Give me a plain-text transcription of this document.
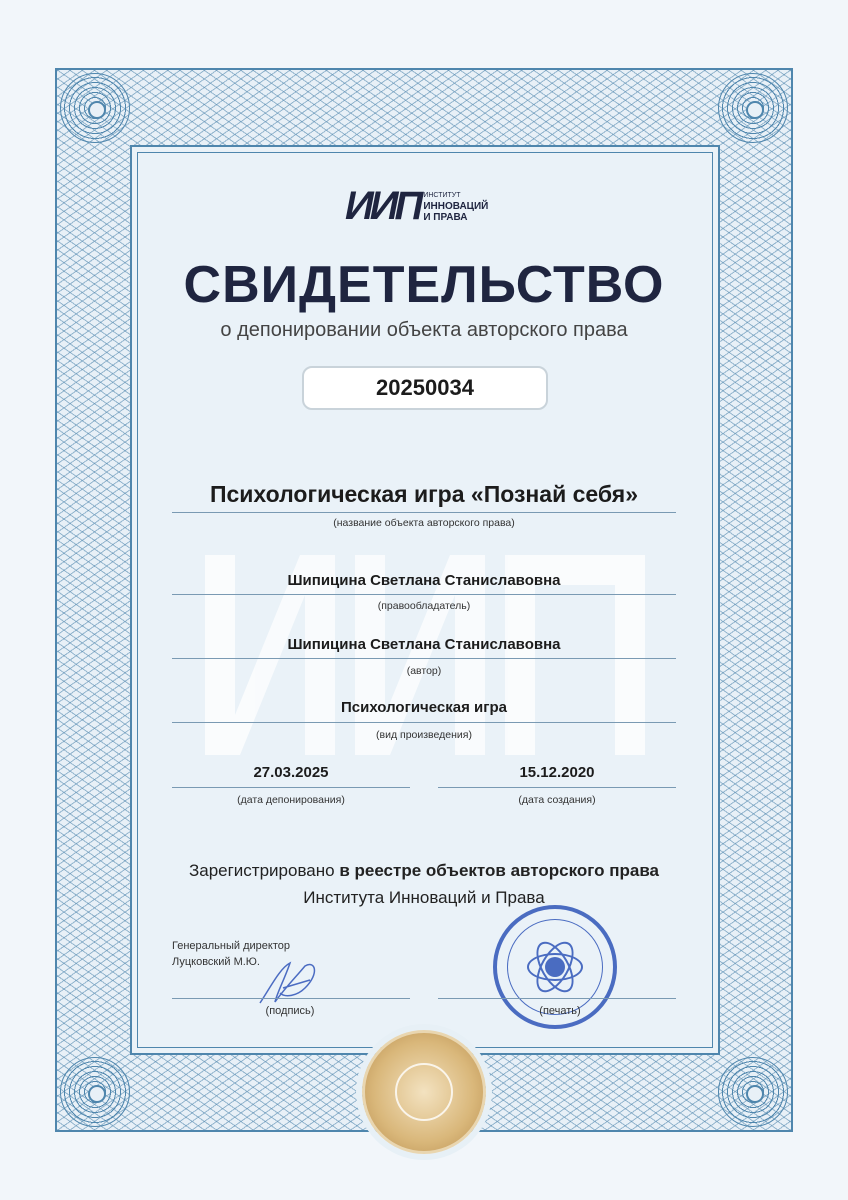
ИИП ИНСТИТУТ
ИННОВАЦИЙ
И ПРАВА
СВИДЕТЕЛЬСТВО
о депонировании объекта авторского права
20250034
Психологическая игра «Познай себя»
(название объекта авторского права)
Шипицина Светлана Станиславовна
(правообладатель)
Шипицина Светлана Станиславовна
(автор)
Психологическая игра
(вид произведения)
27.03.2025
(дата депонирования)
15.12.2020
(дата создания)
Зарегистрировано в реестре объектов авторского права
Института Инноваций и Права
Генеральный директор
Луцковский М.Ю.
(подпись)	(печать)
